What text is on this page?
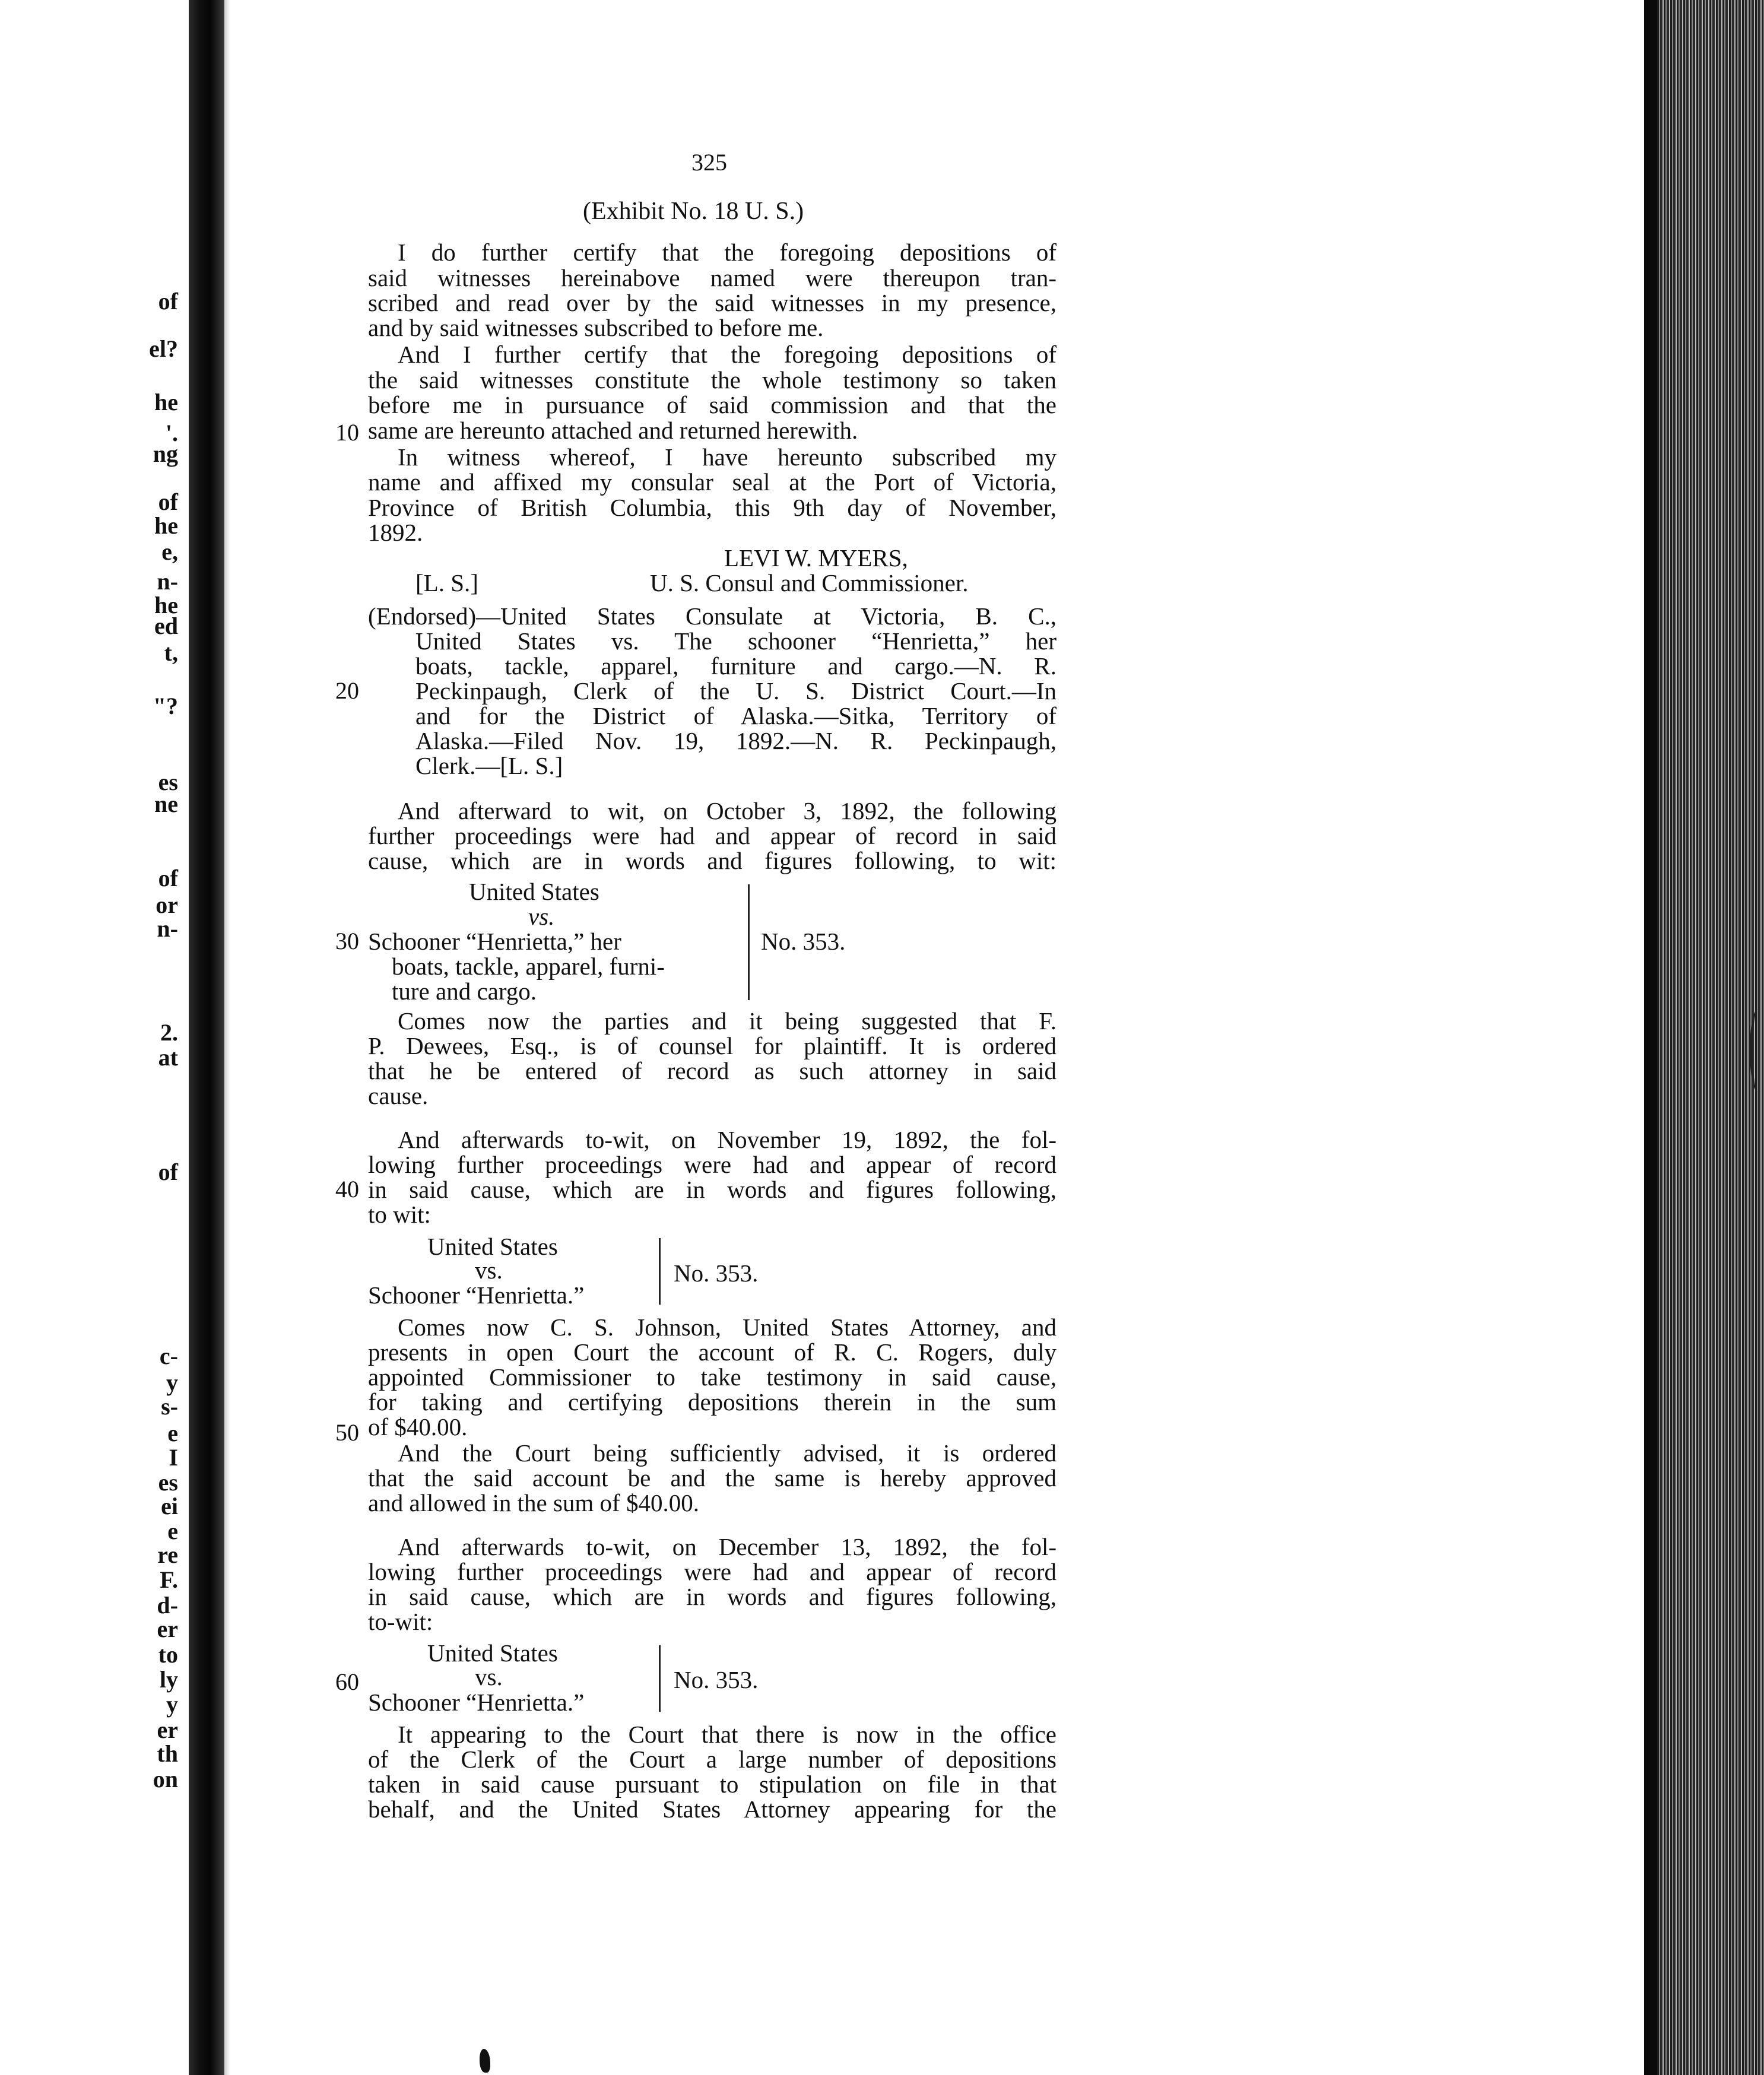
of
el?
he
'.
ng
of
he
e,
n-
he
ed
t,
"?
es
ne
of
or
n-
2.
at
of
c-
y
s-
e
I
es
ei
e
re
F.
d-
er
to
ly
y
er
th
on
325
(Exhibit No. 18 U. S.)
I do further certify that the foregoing depositions of
said witnesses hereinabove named were thereupon tran-
scribed and read over by the said witnesses in my presence,
and by said witnesses subscribed to before me.
And I further certify that the foregoing depositions of
the said witnesses constitute the whole testimony so taken
before me in pursuance of said commission and that the
10 same are hereunto attached and returned herewith.
In witness whereof, I have hereunto subscribed my
name and affixed my consular seal at the Port of Victoria,
Province of British Columbia, this 9th day of November,
1892.
LEVI W. MYERS,
[L. S.]	U. S. Consul and Commissioner.
(Endorsed)—United States Consulate at Victoria, B. C.,
United States vs. The schooner “Henrietta,” her
boats, tackle, apparel, furniture and cargo.—N. R.
20	Peckinpaugh, Clerk of the U. S. District Court.—In
and for the District of Alaska.—Sitka, Territory of
Alaska.—Filed Nov. 19, 1892.—N. R. Peckinpaugh,
Clerk.—[L. S.]
And afterward to wit, on October 3, 1892, the following
further proceedings were had and appear of record in said
cause, which are in words and figures following, to wit:
United States
vs.
30 Schooner “Henrietta,” her
boats, tackle, apparel, furni-
ture and cargo.
No. 353.
Comes now the parties and it being suggested that F.
P. Dewees, Esq., is of counsel for plaintiff. It is ordered
that he be entered of record as such attorney in said
cause.
And afterwards to-wit, on November 19, 1892, the fol-
lowing further proceedings were had and appear of record
40 in said cause, which are in words and figures following,
to wit:
United States
vs.
Schooner “Henrietta.”
No. 353.
Comes now C. S. Johnson, United States Attorney, and
presents in open Court the account of R. C. Rogers, duly
appointed Commissioner to take testimony in said cause,
for taking and certifying depositions therein in the sum
50 of $40.00.
And the Court being sufficiently advised, it is ordered
that the said account be and the same is hereby approved
and allowed in the sum of $40.00.
And afterwards to-wit, on December 13, 1892, the fol-
lowing further proceedings were had and appear of record
in said cause, which are in words and figures following,
to-wit:
United States
60	vs.
Schooner “Henrietta.”
No. 353.
It appearing to the Court that there is now in the office
of the Clerk of the Court a large number of depositions
taken in said cause pursuant to stipulation on file in that
behalf, and the United States Attorney appearing for the
